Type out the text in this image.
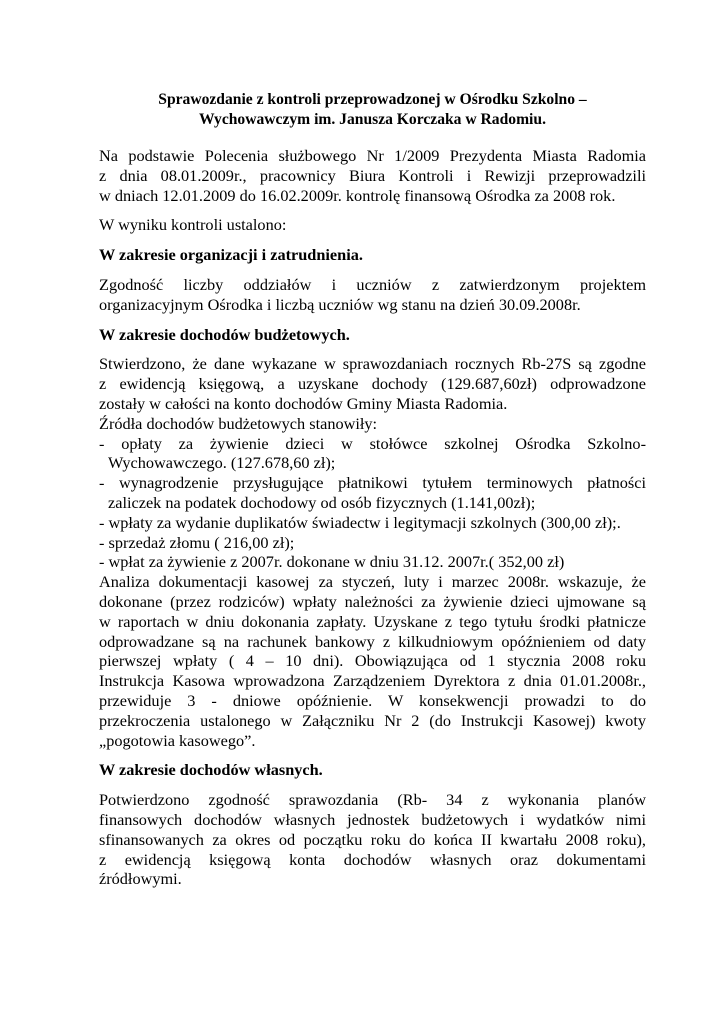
Sprawozdanie z kontroli przeprowadzonej w Ośrodku Szkolno –
Wychowawczym im. Janusza Korczaka w Radomiu.
Na podstawie Polecenia służbowego Nr 1/2009 Prezydenta Miasta Radomia
z dnia 08.01.2009r., pracownicy Biura Kontroli i Rewizji przeprowadzili
w dniach 12.01.2009 do 16.02.2009r. kontrolę finansową Ośrodka za 2008 rok.
W wyniku kontroli ustalono:
W zakresie organizacji i zatrudnienia.
Zgodność liczby oddziałów i uczniów z zatwierdzonym projektem
organizacyjnym Ośrodka i liczbą uczniów wg stanu na dzień 30.09.2008r.
W zakresie dochodów budżetowych.
Stwierdzono, że dane wykazane w sprawozdaniach rocznych Rb-27S są zgodne
z ewidencją księgową, a uzyskane dochody (129.687,60zł) odprowadzone
zostały w całości na konto dochodów Gminy Miasta Radomia.
Źródła dochodów budżetowych stanowiły:
- opłaty za żywienie dzieci w stołówce szkolnej Ośrodka Szkolno-
Wychowawczego. (127.678,60 zł);
- wynagrodzenie przysługujące płatnikowi tytułem terminowych płatności
zaliczek na podatek dochodowy od osób fizycznych (1.141,00zł);
- wpłaty za wydanie duplikatów świadectw i legitymacji szkolnych (300,00 zł);.
- sprzedaż złomu ( 216,00 zł);
- wpłat za żywienie z 2007r. dokonane w dniu 31.12. 2007r.( 352,00 zł)
Analiza dokumentacji kasowej za styczeń, luty i marzec 2008r. wskazuje, że
dokonane (przez rodziców) wpłaty należności za żywienie dzieci ujmowane są
w raportach w dniu dokonania zapłaty. Uzyskane z tego tytułu środki płatnicze
odprowadzane są na rachunek bankowy z kilkudniowym opóźnieniem od daty
pierwszej wpłaty ( 4 – 10 dni). Obowiązująca od 1 stycznia 2008 roku
Instrukcja Kasowa wprowadzona Zarządzeniem Dyrektora z dnia 01.01.2008r.,
przewiduje 3 - dniowe opóźnienie. W konsekwencji prowadzi to do
przekroczenia ustalonego w Załączniku Nr 2 (do Instrukcji Kasowej) kwoty
„pogotowia kasowego”.
W zakresie dochodów własnych.
Potwierdzono zgodność sprawozdania (Rb- 34 z wykonania planów
finansowych dochodów własnych jednostek budżetowych i wydatków nimi
sfinansowanych za okres od początku roku do końca II kwartału 2008 roku),
z ewidencją księgową konta dochodów własnych oraz dokumentami
źródłowymi.
